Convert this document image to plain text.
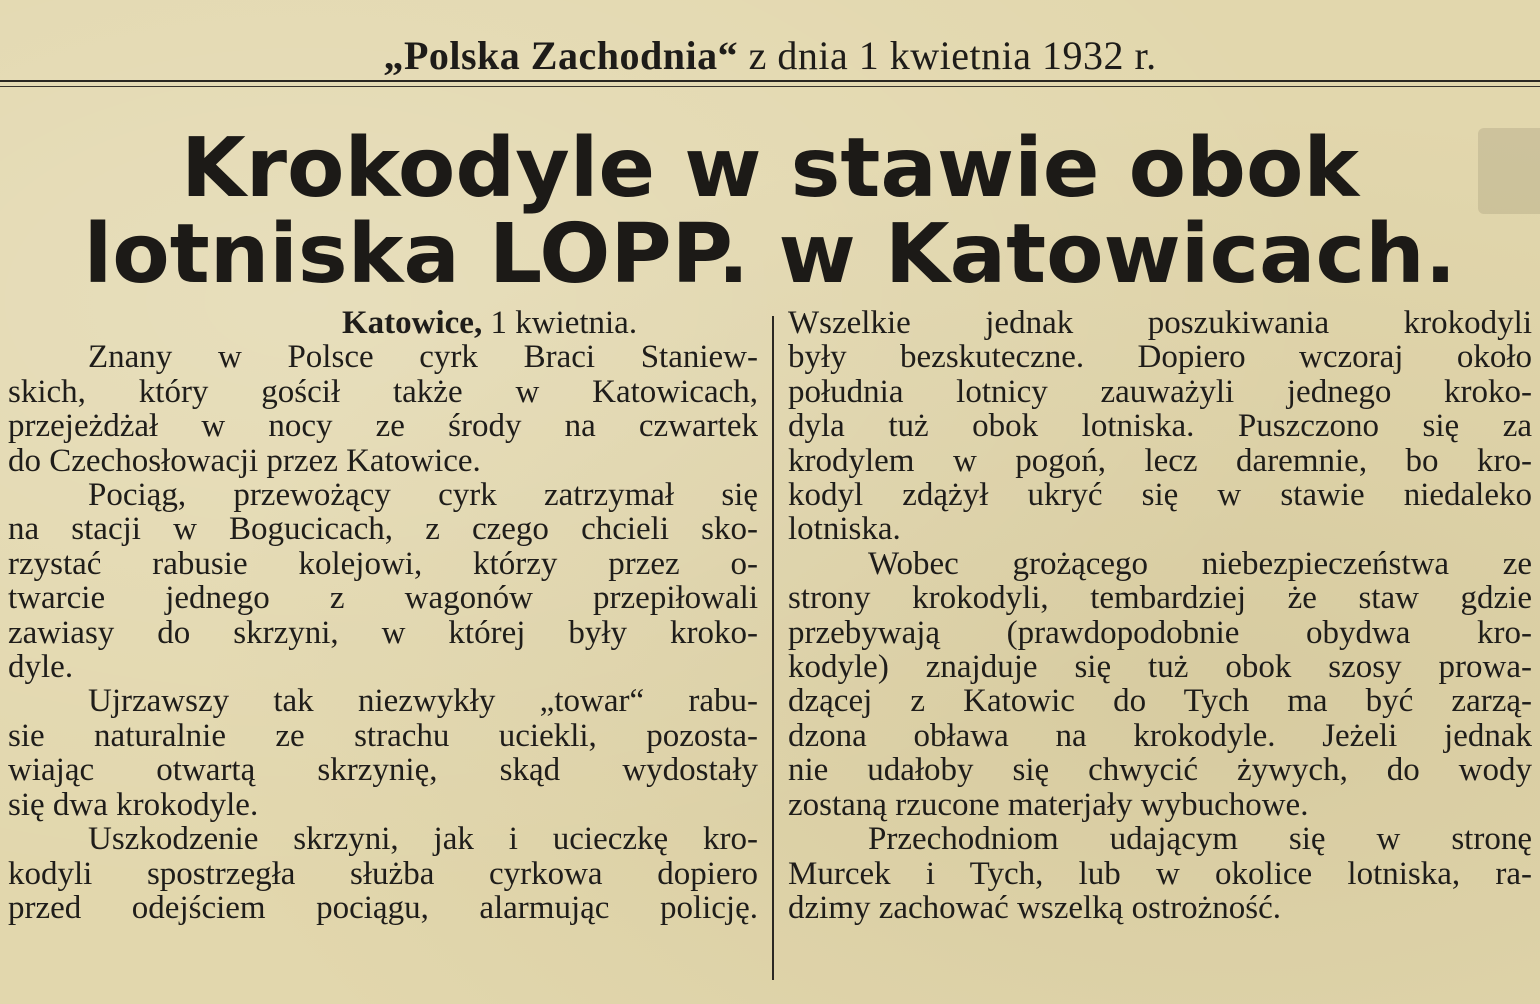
„Polska Zachodnia“ z dnia 1 kwietnia 1932 r.
Krokodyle w stawie obok
lotniska LOPP. w Katowicach.
Katowice, 1 kwietnia.
Znany w Polsce cyrk Braci Staniew-
skich, który gościł także w Katowicach,
przejeżdżał w nocy ze środy na czwartek
do Czechosłowacji przez Katowice.
Pociąg, przewożący cyrk zatrzymał się
na stacji w Bogucicach, z czego chcieli sko-
rzystać rabusie kolejowi, którzy przez o-
twarcie jednego z wagonów przepiłowali
zawiasy do skrzyni, w której były kroko-
dyle.
Ujrzawszy tak niezwykły „towar“ rabu-
sie naturalnie ze strachu uciekli, pozosta-
wiając otwartą skrzynię, skąd wydostały
się dwa krokodyle.
Uszkodzenie skrzyni, jak i ucieczkę kro-
kodyli spostrzegła służba cyrkowa dopiero
przed odejściem pociągu, alarmując policję.
Wszelkie jednak poszukiwania krokodyli
były bezskuteczne. Dopiero wczoraj około
południa lotnicy zauważyli jednego kroko-
dyla tuż obok lotniska. Puszczono się za
krodylem w pogoń, lecz daremnie, bo kro-
kodyl zdążył ukryć się w stawie niedaleko
lotniska.
Wobec grożącego niebezpieczeństwa ze
strony krokodyli, tembardziej że staw gdzie
przebywają (prawdopodobnie obydwa kro-
kodyle) znajduje się tuż obok szosy prowa-
dzącej z Katowic do Tych ma być zarzą-
dzona obława na krokodyle. Jeżeli jednak
nie udałoby się chwycić żywych, do wody
zostaną rzucone materjały wybuchowe.
Przechodniom udającym się w stronę
Murcek i Tych, lub w okolice lotniska, ra-
dzimy zachować wszelką ostrożność.
